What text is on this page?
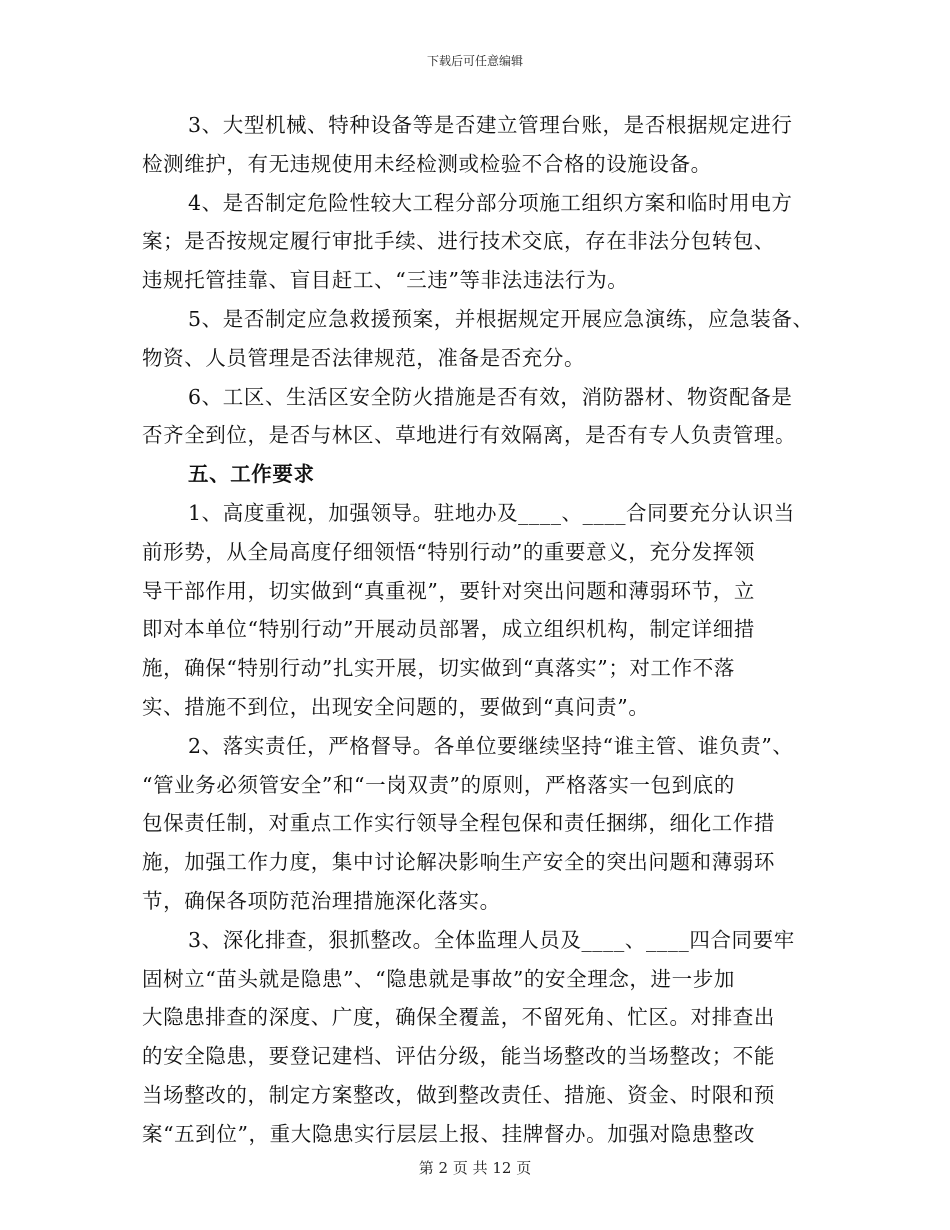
下载后可任意编辑
3、大型机械、特种设备等是否建立管理台账，是否根据规定进行
检测维护，有无违规使用未经检测或检验不合格的设施设备。
4、是否制定危险性较大工程分部分项施工组织方案和临时用电方
案；是否按规定履行审批手续、进行技术交底，存在非法分包转包、
违规托管挂靠、盲目赶工、“三违”等非法违法行为。
5、是否制定应急救援预案，并根据规定开展应急演练，应急装备、
物资、人员管理是否法律规范，准备是否充分。
6、工区、生活区安全防火措施是否有效，消防器材、物资配备是
否齐全到位，是否与林区、草地进行有效隔离，是否有专人负责管理。
五、工作要求
1、高度重视，加强领导。驻地办及____、____合同要充分认识当
前形势，从全局高度仔细领悟“特别行动”的重要意义，充分发挥领
导干部作用，切实做到“真重视”，要针对突出问题和薄弱环节，立
即对本单位“特别行动”开展动员部署，成立组织机构，制定详细措
施，确保“特别行动”扎实开展，切实做到“真落实”；对工作不落
实、措施不到位，出现安全问题的，要做到“真问责”。
2、落实责任，严格督导。各单位要继续坚持“谁主管、谁负责”、
“管业务必须管安全”和“一岗双责”的原则，严格落实一包到底的
包保责任制，对重点工作实行领导全程包保和责任捆绑，细化工作措
施，加强工作力度，集中讨论解决影响生产安全的突出问题和薄弱环
节，确保各项防范治理措施深化落实。
3、深化排查，狠抓整改。全体监理人员及____、____四合同要牢
固树立“苗头就是隐患”、“隐患就是事故”的安全理念，进一步加
大隐患排查的深度、广度，确保全覆盖，不留死角、忙区。对排查出
的安全隐患，要登记建档、评估分级，能当场整改的当场整改；不能
当场整改的，制定方案整改，做到整改责任、措施、资金、时限和预
案“五到位”，重大隐患实行层层上报、挂牌督办。加强对隐患整改
第 2 页 共 12 页
